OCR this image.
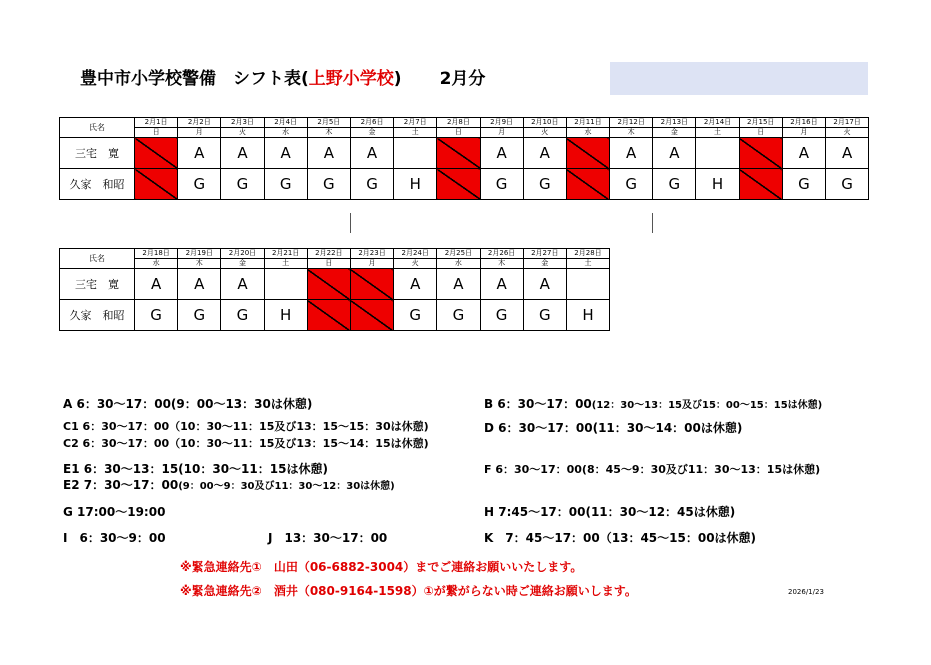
豊中市小学校警備　シフト表(上野小学校) 2月分
氏名	2月1日	2月2日	2月3日	2月4日	2月5日	2月6日	2月7日	2月8日	2月9日	2月10日	2月11日	2月12日	2月13日	2月14日	2月15日	2月16日	2月17日
	日	月	火	水	木	金	土	日	月	火	水	木	金	土	日	月	火
三宅　寛		A	A	A	A	A			A	A		A	A			A	A
久家　和昭		G	G	G	G	G	H		G	G		G	G	H		G	G
氏名	2月18日	2月19日	2月20日	2月21日	2月22日	2月23日	2月24日	2月25日	2月26日	2月27日	2月28日
	水	木	金	土	日	月	火	水	木	金	土
三宅　寛	A	A	A				A	A	A	A	
久家　和昭	G	G	G	H			G	G	G	G	H
A 6：30～17：00(9：00～13：30は休憩)	B 6：30～17：00(12：30～13：15及び15：00～15：15は休憩)
C1 6：30～17：00（10：30～11：15及び13：15～15：30は休憩)
C2 6：30～17：00（10：30～11：15及び13：15～14：15は休憩)
D 6：30～17：00(11：30～14：00は休憩)
E1 6：30～13：15(10：30～11：15は休憩)	F 6：30～17：00(8：45～9：30及び11：30～13：15は休憩)
E2 7：30～17：00(9：00～9：30及び11：30～12：30は休憩)
G 17:00～19:00	H 7:45～17：00(11：30～12：45は休憩)
I　6：30～9：00	J　13：30～17：00	K　7：45～17：00（13：45～15：00は休憩)
※緊急連絡先①　山田（06-6882-3004）までご連絡お願いいたします。
※緊急連絡先②　酒井（080-9164-1598）①が繋がらない時ご連絡お願いします。	2026/1/23
